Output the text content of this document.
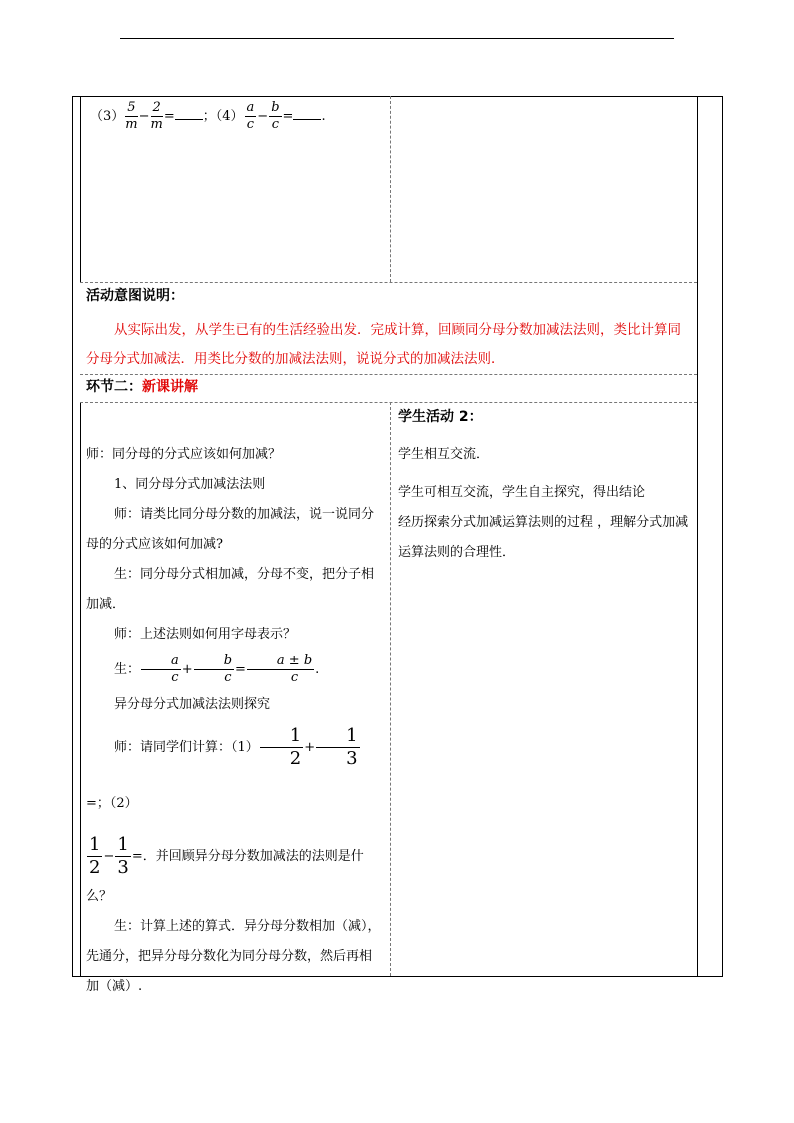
$(3) \frac{5}{m} - \frac{2}{m}$ = ；$(4) \frac{a}{c} - \frac{b}{c}$ = .
活动意图说明：
从实际出发，从学生已有的生活经验出发．完成计算，回顾同分母分数加减法法则，类比计算同分母分式加减法．用类比分数的加减法法则，说说分式的加减法法则．
环节二：新课讲解

师：同分母的分式应该如何加减？

1、同分母分式加减法法则

师：请类比同分母分数的加减法，说一说同分母的分式应该如何加减?

生：同分母分式相加减，分母不变，把分子相加减．

师：上述法则如何用字母表示？

生： $\frac{a}{c} + \frac{b}{c} = \frac{a \pm b}{c}$ .

异分母分式加减法法则探究

师：请同学们计算：$(1) \frac{1}{2} + \frac{1}{3}$
=；（2）

$\frac{1}{2} - \frac{1}{3}$ =．并回顾异分母分数加减法的法则是什

么？

生：计算上述的算式．异分母分数相加（减），先通分，把异分母分数化为同分母分数，然后再相加（减）.

学生活动 2：

学生相互交流．

学生可相互交流，学生自主探究，得出结论

经历探索分式加减运算法则的过程 ，理解分式加减运算法则的合理性．
